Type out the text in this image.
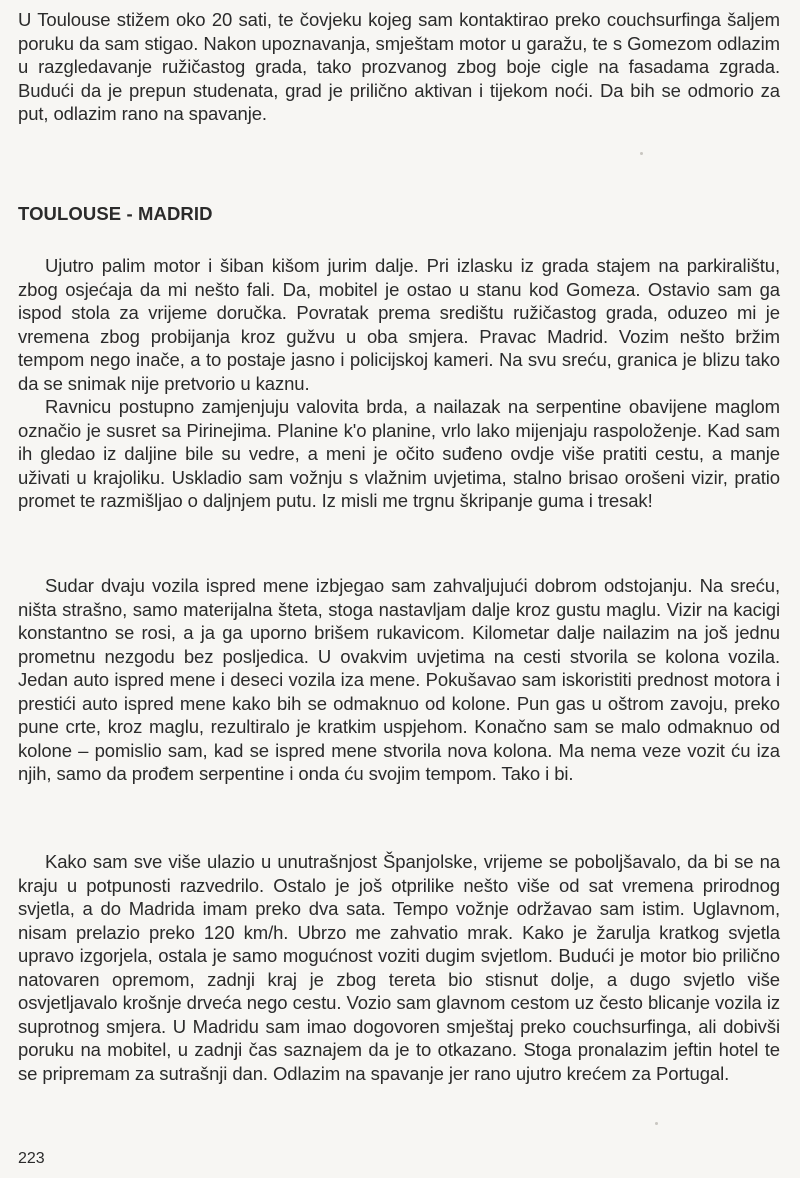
U Toulouse stižem oko 20 sati, te čovjeku kojeg sam kontaktirao preko couchsurfinga šaljem poruku da sam stigao. Nakon upoznavanja, smještam motor u garažu, te s Gomezom odlazim u razgledavanje ružičastog grada, tako prozvanog zbog boje cigle na fasadama zgrada. Budući da je prepun studenata, grad je prilično aktivan i tijekom noći. Da bih se odmorio za put, odlazim rano na spavanje.

TOULOUSE - MADRID

Ujutro palim motor i šiban kišom jurim dalje. Pri izlasku iz grada stajem na parkiralištu, zbog osjećaja da mi nešto fali. Da, mobitel je ostao u stanu kod Gomeza. Ostavio sam ga ispod stola za vrijeme doručka. Povratak prema središtu ružičastog grada, oduzeo mi je vremena zbog probijanja kroz gužvu u oba smjera. Pravac Madrid. Vozim nešto bržim tempom nego inače, a to postaje jasno i policijskoj kameri. Na svu sreću, granica je blizu tako da se snimak nije pretvorio u kaznu.

Ravnicu postupno zamjenjuju valovita brda, a nailazak na serpentine obavijene maglom označio je susret sa Pirinejima. Planine k'o planine, vrlo lako mijenjaju raspoloženje. Kad sam ih gledao iz daljine bile su vedre, a meni je očito suđeno ovdje više pratiti cestu, a manje uživati u krajoliku. Uskladio sam vožnju s vlažnim uvjetima, stalno brisao orošeni vizir, pratio promet te razmišljao o daljnjem putu. Iz misli me trgnu škripanje guma i tresak!

Sudar dvaju vozila ispred mene izbjegao sam zahvaljujući dobrom odstojanju. Na sreću, ništa strašno, samo materijalna šteta, stoga nastavljam dalje kroz gustu maglu. Vizir na kacigi konstantno se rosi, a ja ga uporno brišem rukavicom. Kilometar dalje nailazim na još jednu prometnu nezgodu bez posljedica. U ovakvim uvjetima na cesti stvorila se kolona vozila. Jedan auto ispred mene i deseci vozila iza mene. Pokušavao sam iskoristiti prednost motora i prestići auto ispred mene kako bih se odmaknuo od kolone. Pun gas u oštrom zavoju, preko pune crte, kroz maglu, rezultiralo je kratkim uspjehom. Konačno sam se malo odmaknuo od kolone – pomislio sam, kad se ispred mene stvorila nova kolona. Ma nema veze vozit ću iza njih, samo da prođem serpentine i onda ću svojim tempom. Tako i bi.

Kako sam sve više ulazio u unutrašnjost Španjolske, vrijeme se poboljšavalo, da bi se na kraju u potpunosti razvedrilo. Ostalo je još otprilike nešto više od sat vremena prirodnog svjetla, a do Madrida imam preko dva sata. Tempo vožnje održavao sam istim. Uglavnom, nisam prelazio preko 120 km/h. Ubrzo me zahvatio mrak. Kako je žarulja kratkog svjetla upravo izgorjela, ostala je samo mogućnost voziti dugim svjetlom. Budući je motor bio prilično natovaren opremom, zadnji kraj je zbog tereta bio stisnut dolje, a dugo svjetlo više osvjetljavalo krošnje drveća nego cestu. Vozio sam glavnom cestom uz često blicanje vozila iz suprotnog smjera. U Madridu sam imao dogovoren smještaj preko couchsurfinga, ali dobivši poruku na mobitel, u zadnji čas saznajem da je to otkazano. Stoga pronalazim jeftin hotel te se pripremam za sutrašnji dan. Odlazim na spavanje jer rano ujutro krećem za Portugal.

223
